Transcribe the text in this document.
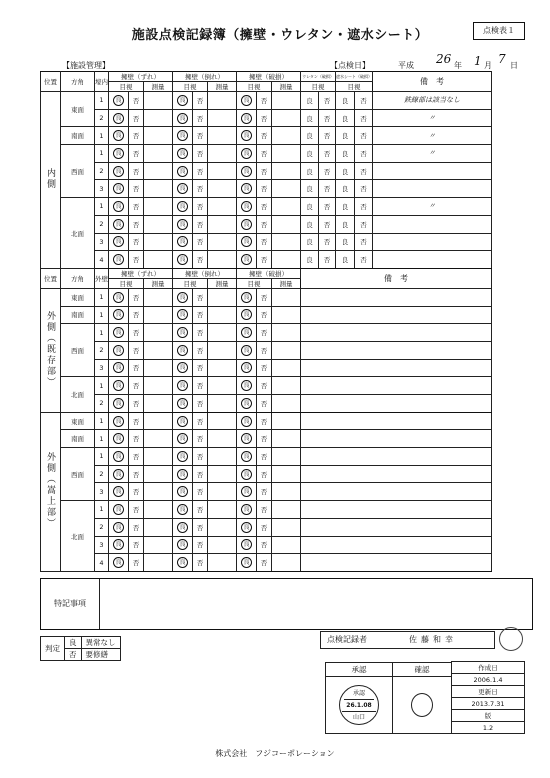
施設点検記録簿（擁壁・ウレタン・遮水シート）	点検表１
【施設管理】	【点検日】	平成 26 年 1 月 7 日
位置	方角	壕内	擁壁（ずれ）			擁壁（倒れ）			擁壁（破損）			ウレタン（破損）		遮水シート（破損）		備　考
			目視		測量	目視		測量	目視		測量	目視		目視		
内側	東面	1	良	否		良	否		良	否		良	否	良	否	鉄線部は該当なし
		2	良	否		良	否		良	否		良	否	良	否	〃
	南面	1	良	否		良	否		良	否		良	否	良	否	〃
	西面	1	良	否		良	否		良	否		良	否	良	否	〃
		2	良	否		良	否		良	否		良	否	良	否	
		3	良	否		良	否		良	否		良	否	良	否	
	北面	1	良	否		良	否		良	否		良	否	良	否	〃
		2	良	否		良	否		良	否		良	否	良	否	
		3	良	否		良	否		良	否		良	否	良	否	
		4	良	否		良	否		良	否		良	否	良	否	
位置	方角	外壁	擁壁（ずれ）			擁壁（倒れ）			擁壁（破損）			備　考				
			目視		測量	目視		測量	目視		測量					
外側（既存部）	東面	1	良	否		良	否		良	否						
	南面	1	良	否		良	否		良	否						
	西面	1	良	否		良	否		良	否						
		2	良	否		良	否		良	否						
		3	良	否		良	否		良	否						
	北面	1	良	否		良	否		良	否						
		2	良	否		良	否		良	否						
外側（嵩上部）	東面	1	良	否		良	否		良	否						
	南面	1	良	否		良	否		良	否						
	西面	1	良	否		良	否		良	否						
		2	良	否		良	否		良	否						
		3	良	否		良	否		良	否						
	北面	1	良	否		良	否		良	否						
		2	良	否		良	否		良	否						
		3	良	否		良	否		良	否						
		4	良	否		良	否		良	否						
特記事項
判定	良	異常なし
	否	要修繕
点検記録者	佐藤和幸
承認	確認

承認
26.1.08
山口	

作成日
2006.1.4
更新日
2013.7.31
版
1.2
株式会社　フジコーポレーション
